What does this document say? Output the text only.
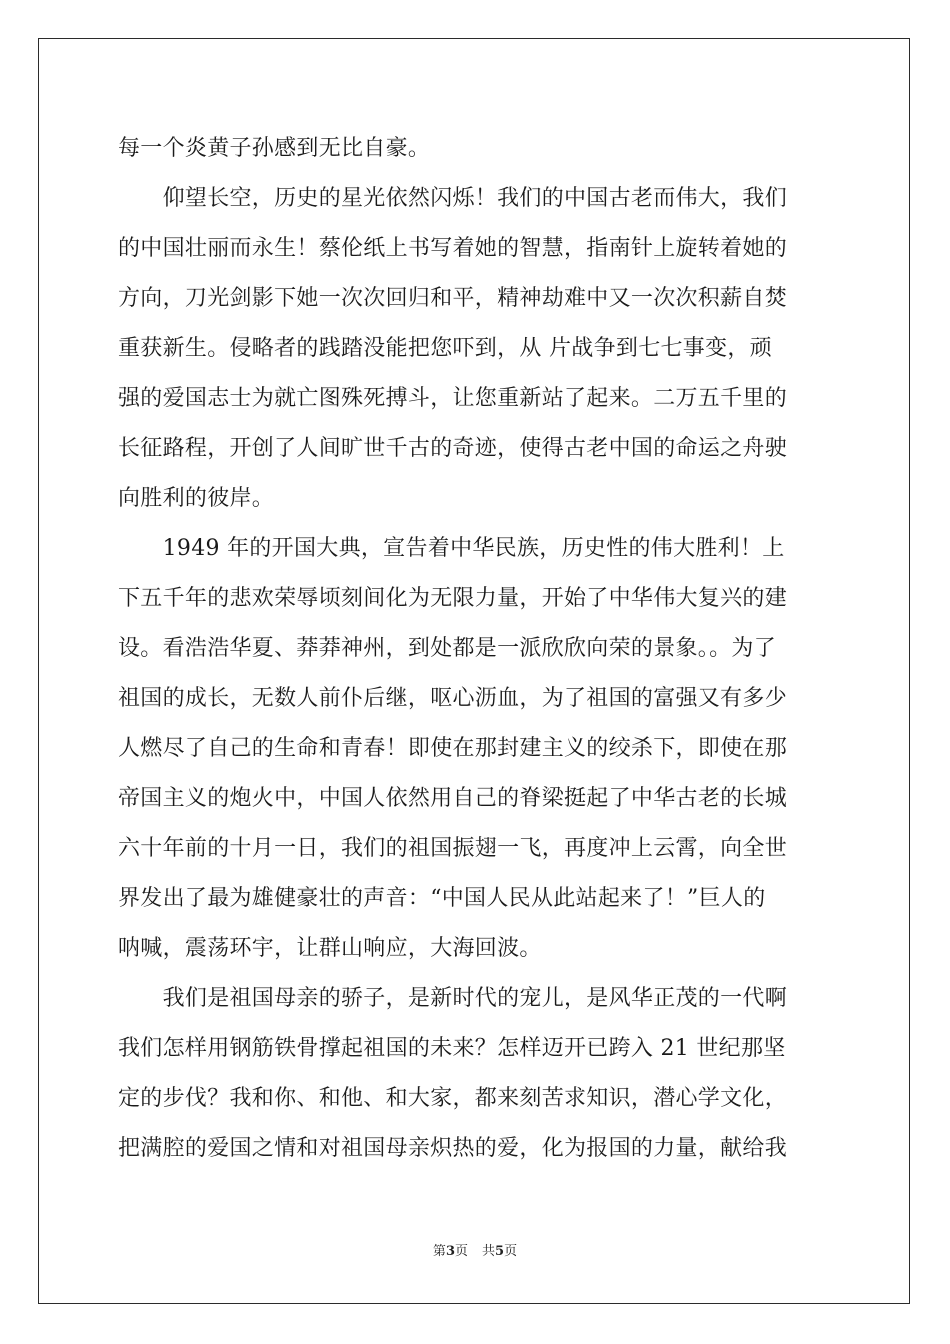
每一个炎黄子孙感到无比自豪。
　　仰望长空，历史的星光依然闪烁！我们的中国古老而伟大，我们
的中国壮丽而永生！蔡伦纸上书写着她的智慧，指南针上旋转着她的
方向，刀光剑影下她一次次回归和平，精神劫难中又一次次积薪自焚
重获新生。侵略者的践踏没能把您吓到，从 片战争到七七事变，顽
强的爱国志士为就亡图殊死搏斗，让您重新站了起来。二万五千里的
长征路程，开创了人间旷世千古的奇迹，使得古老中国的命运之舟驶
向胜利的彼岸。
　　1949 年的开国大典，宣告着中华民族，历史性的伟大胜利！上
下五千年的悲欢荣辱顷刻间化为无限力量，开始了中华伟大复兴的建
设。看浩浩华夏、莽莽神州，到处都是一派欣欣向荣的景象。。为了
祖国的成长，无数人前仆后继，呕心沥血，为了祖国的富强又有多少
人燃尽了自己的生命和青春！即使在那封建主义的绞杀下，即使在那
帝国主义的炮火中，中国人依然用自己的脊梁挺起了中华古老的长城
六十年前的十月一日，我们的祖国振翅一飞，再度冲上云霄，向全世
界发出了最为雄健豪壮的声音：“中国人民从此站起来了！”巨人的
呐喊，震荡环宇，让群山响应，大海回波。
　　我们是祖国母亲的骄子，是新时代的宠儿，是风华正茂的一代啊
我们怎样用钢筋铁骨撑起祖国的未来？怎样迈开已跨入 21 世纪那坚
定的步伐？我和你、和他、和大家，都来刻苦求知识，潜心学文化，
把满腔的爱国之情和对祖国母亲炽热的爱，化为报国的力量，献给我
第3页 共5页
